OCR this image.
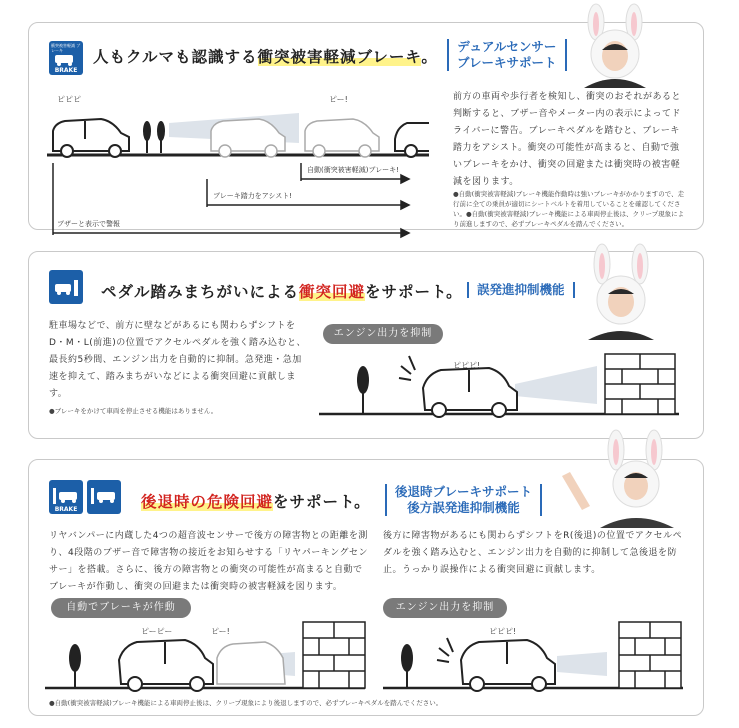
衝突被害軽減 ブレーキ
BRAKE
人もクルマも認識する衝突被害軽減ブレーキ。
デュアルセンサー
ブレーキサポート
ピピピ	ピー!
自動(衝突被害軽減)ブレーキ!
ブレーキ踏力をアシスト!
ブザーと表示で警報
前方の車両や歩行者を検知し、衝突のおそれがあると判断すると、ブザー音やメーター内の表示によってドライバーに警告。ブレーキペダルを踏むと、ブレーキ踏力をアシスト。衝突の可能性が高まると、自動で強いブレーキをかけ、衝突の回避または衝突時の被害軽減を図ります。
●自動(衝突被害軽減)ブレーキ機能作動時は強いブレーキがかかりますので、走行前に全ての乗員が適切にシートベルトを着用していることを確認してください。●自動(衝突被害軽減)ブレーキ機能による車両停止後は、クリープ現象により前進しますので、必ずブレーキペダルを踏んでください。
ペダル踏みまちがいによる衝突回避をサポート。	誤発進抑制機能
駐車場などで、前方に壁などがあるにも関わらずシフトをD・M・L(前進)の位置でアクセルペダルを強く踏み込むと、最長約5秒間、エンジン出力を自動的に抑制。急発進・急加速を抑えて、踏みまちがいなどによる衝突回避に貢献します。
●ブレーキをかけて車両を停止させる機能はありません。
エンジン出力を抑制
ピピピ!
BRAKE	後退時の危険回避をサポート。
後退時ブレーキサポート
後方誤発進抑制機能
リヤバンパーに内蔵した4つの超音波センサーで後方の障害物との距離を測り、4段階のブザー音で障害物の接近をお知らせする「リヤパーキングセンサー」を搭載。さらに、後方の障害物との衝突の可能性が高まると自動でブレーキが作動し、衝突の回避または衝突時の被害軽減を図ります。
後方に障害物があるにも関わらずシフトをR(後退)の位置でアクセルペダルを強く踏み込むと、エンジン出力を自動的に抑制して急後退を防止。うっかり誤操作による衝突回避に貢献します。
自動でブレーキが作動	エンジン出力を抑制
ピーピー	ピー!	ピピピ!
●自動(衝突被害軽減)ブレーキ機能による車両停止後は、クリープ現象により後退しますので、必ずブレーキペダルを踏んでください。
